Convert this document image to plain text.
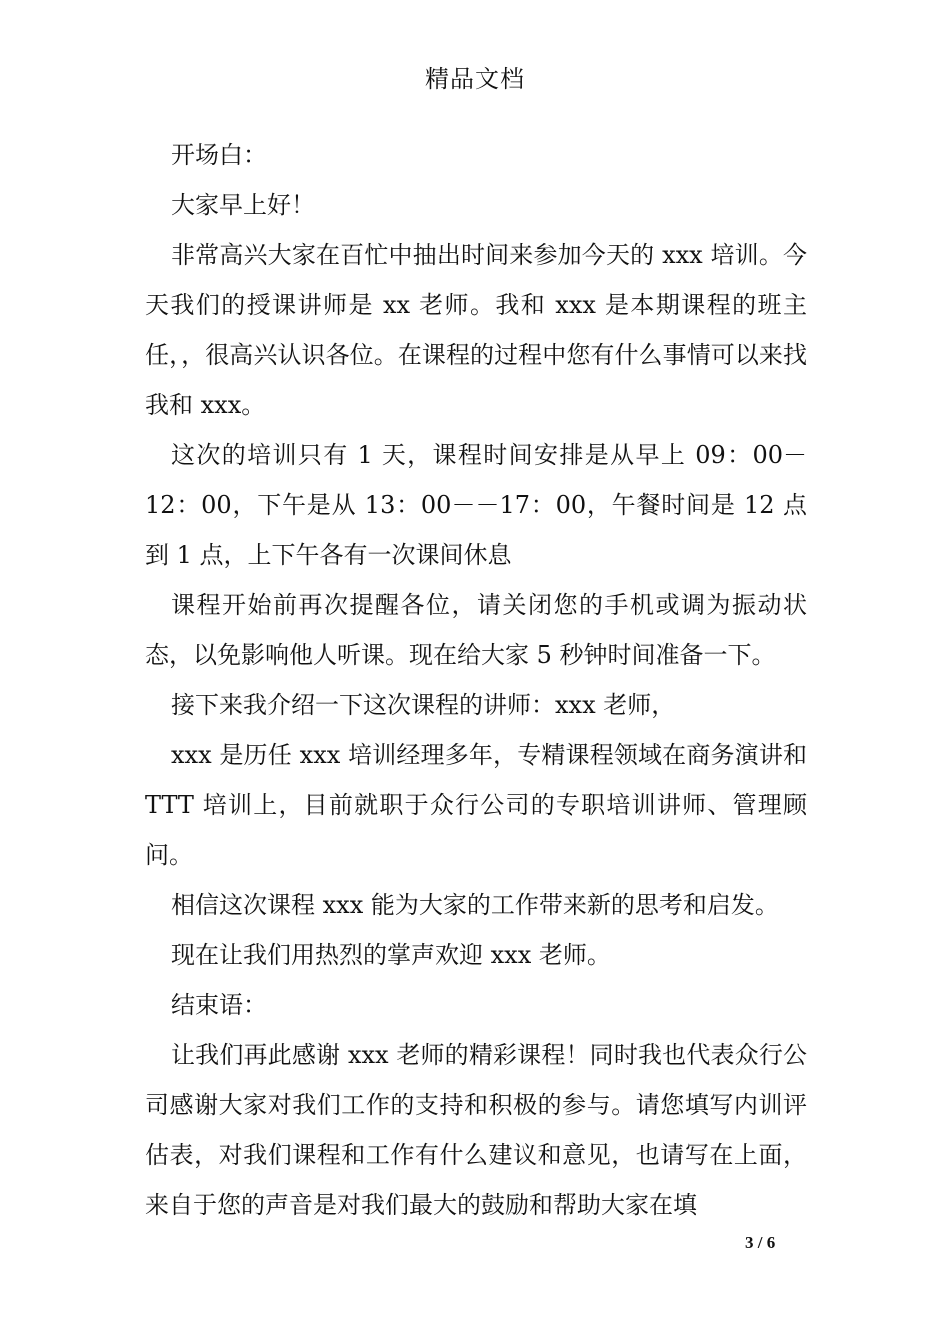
精品文档

开场白：

大家早上好！

非常高兴大家在百忙中抽出时间来参加今天的 xxx 培训。今天我们的授课讲师是 xx 老师。我和 xxx 是本期课程的班主任，，很高兴认识各位。在课程的过程中您有什么事情可以来找我和 xxx。

这次的培训只有 1 天，课程时间安排是从早上 09：00－12：00，下午是从 13：00－－17：00，午餐时间是 12 点到 1 点，上下午各有一次课间休息

课程开始前再次提醒各位，请关闭您的手机或调为振动状态，以免影响他人听课。现在给大家 5 秒钟时间准备一下。

接下来我介绍一下这次课程的讲师：xxx 老师，

xxx 是历任 xxx 培训经理多年，专精课程领域在商务演讲和 TTT 培训上，目前就职于众行公司的专职培训讲师、管理顾问。

相信这次课程 xxx 能为大家的工作带来新的思考和启发。

现在让我们用热烈的掌声欢迎 xxx 老师。

结束语：

让我们再此感谢 xxx 老师的精彩课程！同时我也代表众行公司感谢大家对我们工作的支持和积极的参与。请您填写内训评估表，对我们课程和工作有什么建议和意见，也请写在上面，来自于您的声音是对我们最大的鼓励和帮助大家在填

3 / 6
